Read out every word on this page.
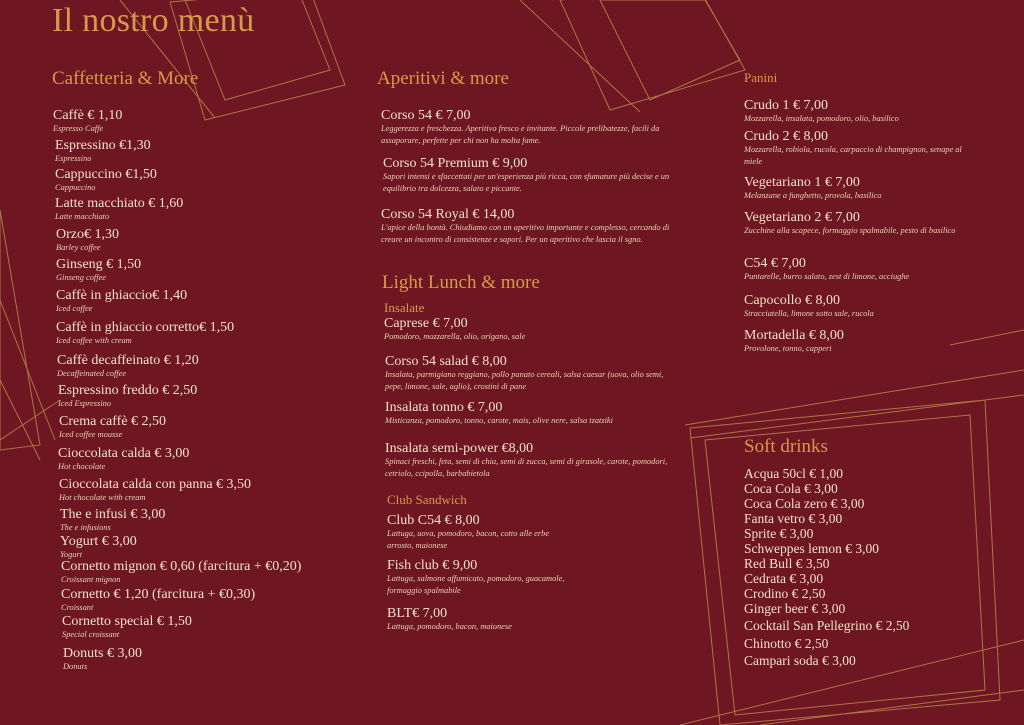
Il nostro menù
Caffetteria & More
Caffè € 1,10
Espresso Caffe
Espressino €1,30
Espressino
Cappuccino €1,50
Cappuccino
Latte macchiato € 1,60
Latte macchiato
Orzo€ 1,30
Barley coffee
Ginseng € 1,50
Ginseng coffee
Caffè in ghiaccio€ 1,40
Iced coffee
Caffè in ghiaccio corretto€ 1,50
Iced coffee with cream
Caffè decaffeinato € 1,20
Decaffeinated coffee
Espressino freddo € 2,50
Iced Espressino
Crema caffè € 2,50
Iced coffee mousse
Cioccolata calda € 3,00
Hot chocolate
Cioccolata calda con panna € 3,50
Hot chocolate with cream
The e infusi € 3,00
The e infusions
Yogurt € 3,00
Yogurt
Cornetto mignon € 0,60 (farcitura + €0,20)
Croissant mignon
Cornetto € 1,20 (farcitura + €0,30)
Croissant
Cornetto special € 1,50
Special croissant
Donuts € 3,00
Donuts
Aperitivi & more
Corso 54 € 7,00
Leggerezza e freschezza. Aperitivo fresco e invitante. Piccole prelibatezze, facili da assaporare, perfette per chi non ha molta fame.
Corso 54 Premium € 9,00
Sapori intensi e sfaccettati per un'esperienza più ricca, con sfumature più decise e un equilibrio tra dolcezza, salato e piccante.
Corso 54 Royal € 14,00
L'apice della bontà. Chiudiamo con un aperitivo importante e complesso, cercando di creare un incontro di consistenze e sapori. Per un aperitivo che lascia il sgno.
Light Lunch & more
Insalate
Club Sandwich
Caprese € 7,00
Pomodoro, mozzarella, olio, origano, sale
Corso 54 salad € 8,00
Insalata, parmigiano reggiano, pollo panato cereali, salsa caesar (uova, olio semi, pepe, limone, sale, aglio), crostini di pane
Insalata tonno € 7,00
Misticanza, pomodoro, tonno, carote, mais, olive nere, salsa tzatziki
Insalata semi-power €8,00
Spinaci freschi, feta, semi di chia, semi di zucca, semi di girasole, carote, pomodori, cetriolo, ccipolla, barbabietola
Club C54 € 8,00
Lattuga, uova, pomodoro, bacon, cotto alle erbe arrosto, maionese
Fish club € 9,00
Lattuga, salmone affumicato, pomodoro, guacamole, formaggio spalmabile
BLT€ 7,00
Lattuga, pomodoro, bacon, maionese
Panini
Crudo 1 € 7,00
Mozzarella, insalata, pomodoro, olio, basilico
Crudo 2 € 8,00
Mozzarella, robiola, rucola, carpaccio di champignon, senape al miele
Vegetariano 1 € 7,00
Melanzane a funghetto, provola, basilico
Vegetariano 2 € 7,00
Zucchine alla scapece, formaggio spalmabile, pesto di basilico
C54 € 7,00
Puntarelle, burro salato, zest di limone, acciughe
Capocollo € 8,00
Stracciatella, limone sotto sale, rucola
Mortadella € 8,00
Provolone, tonno, capperi
Soft drinks
Acqua 50cl € 1,00
Coca Cola € 3,00
Coca Cola zero € 3,00
Fanta vetro € 3,00
Sprite € 3,00
Schweppes lemon € 3,00
Red Bull € 3,50
Cedrata € 3,00
Crodino € 2,50
Ginger beer € 3,00
Cocktail San Pellegrino € 2,50
Chinotto € 2,50
Campari soda € 3,00
